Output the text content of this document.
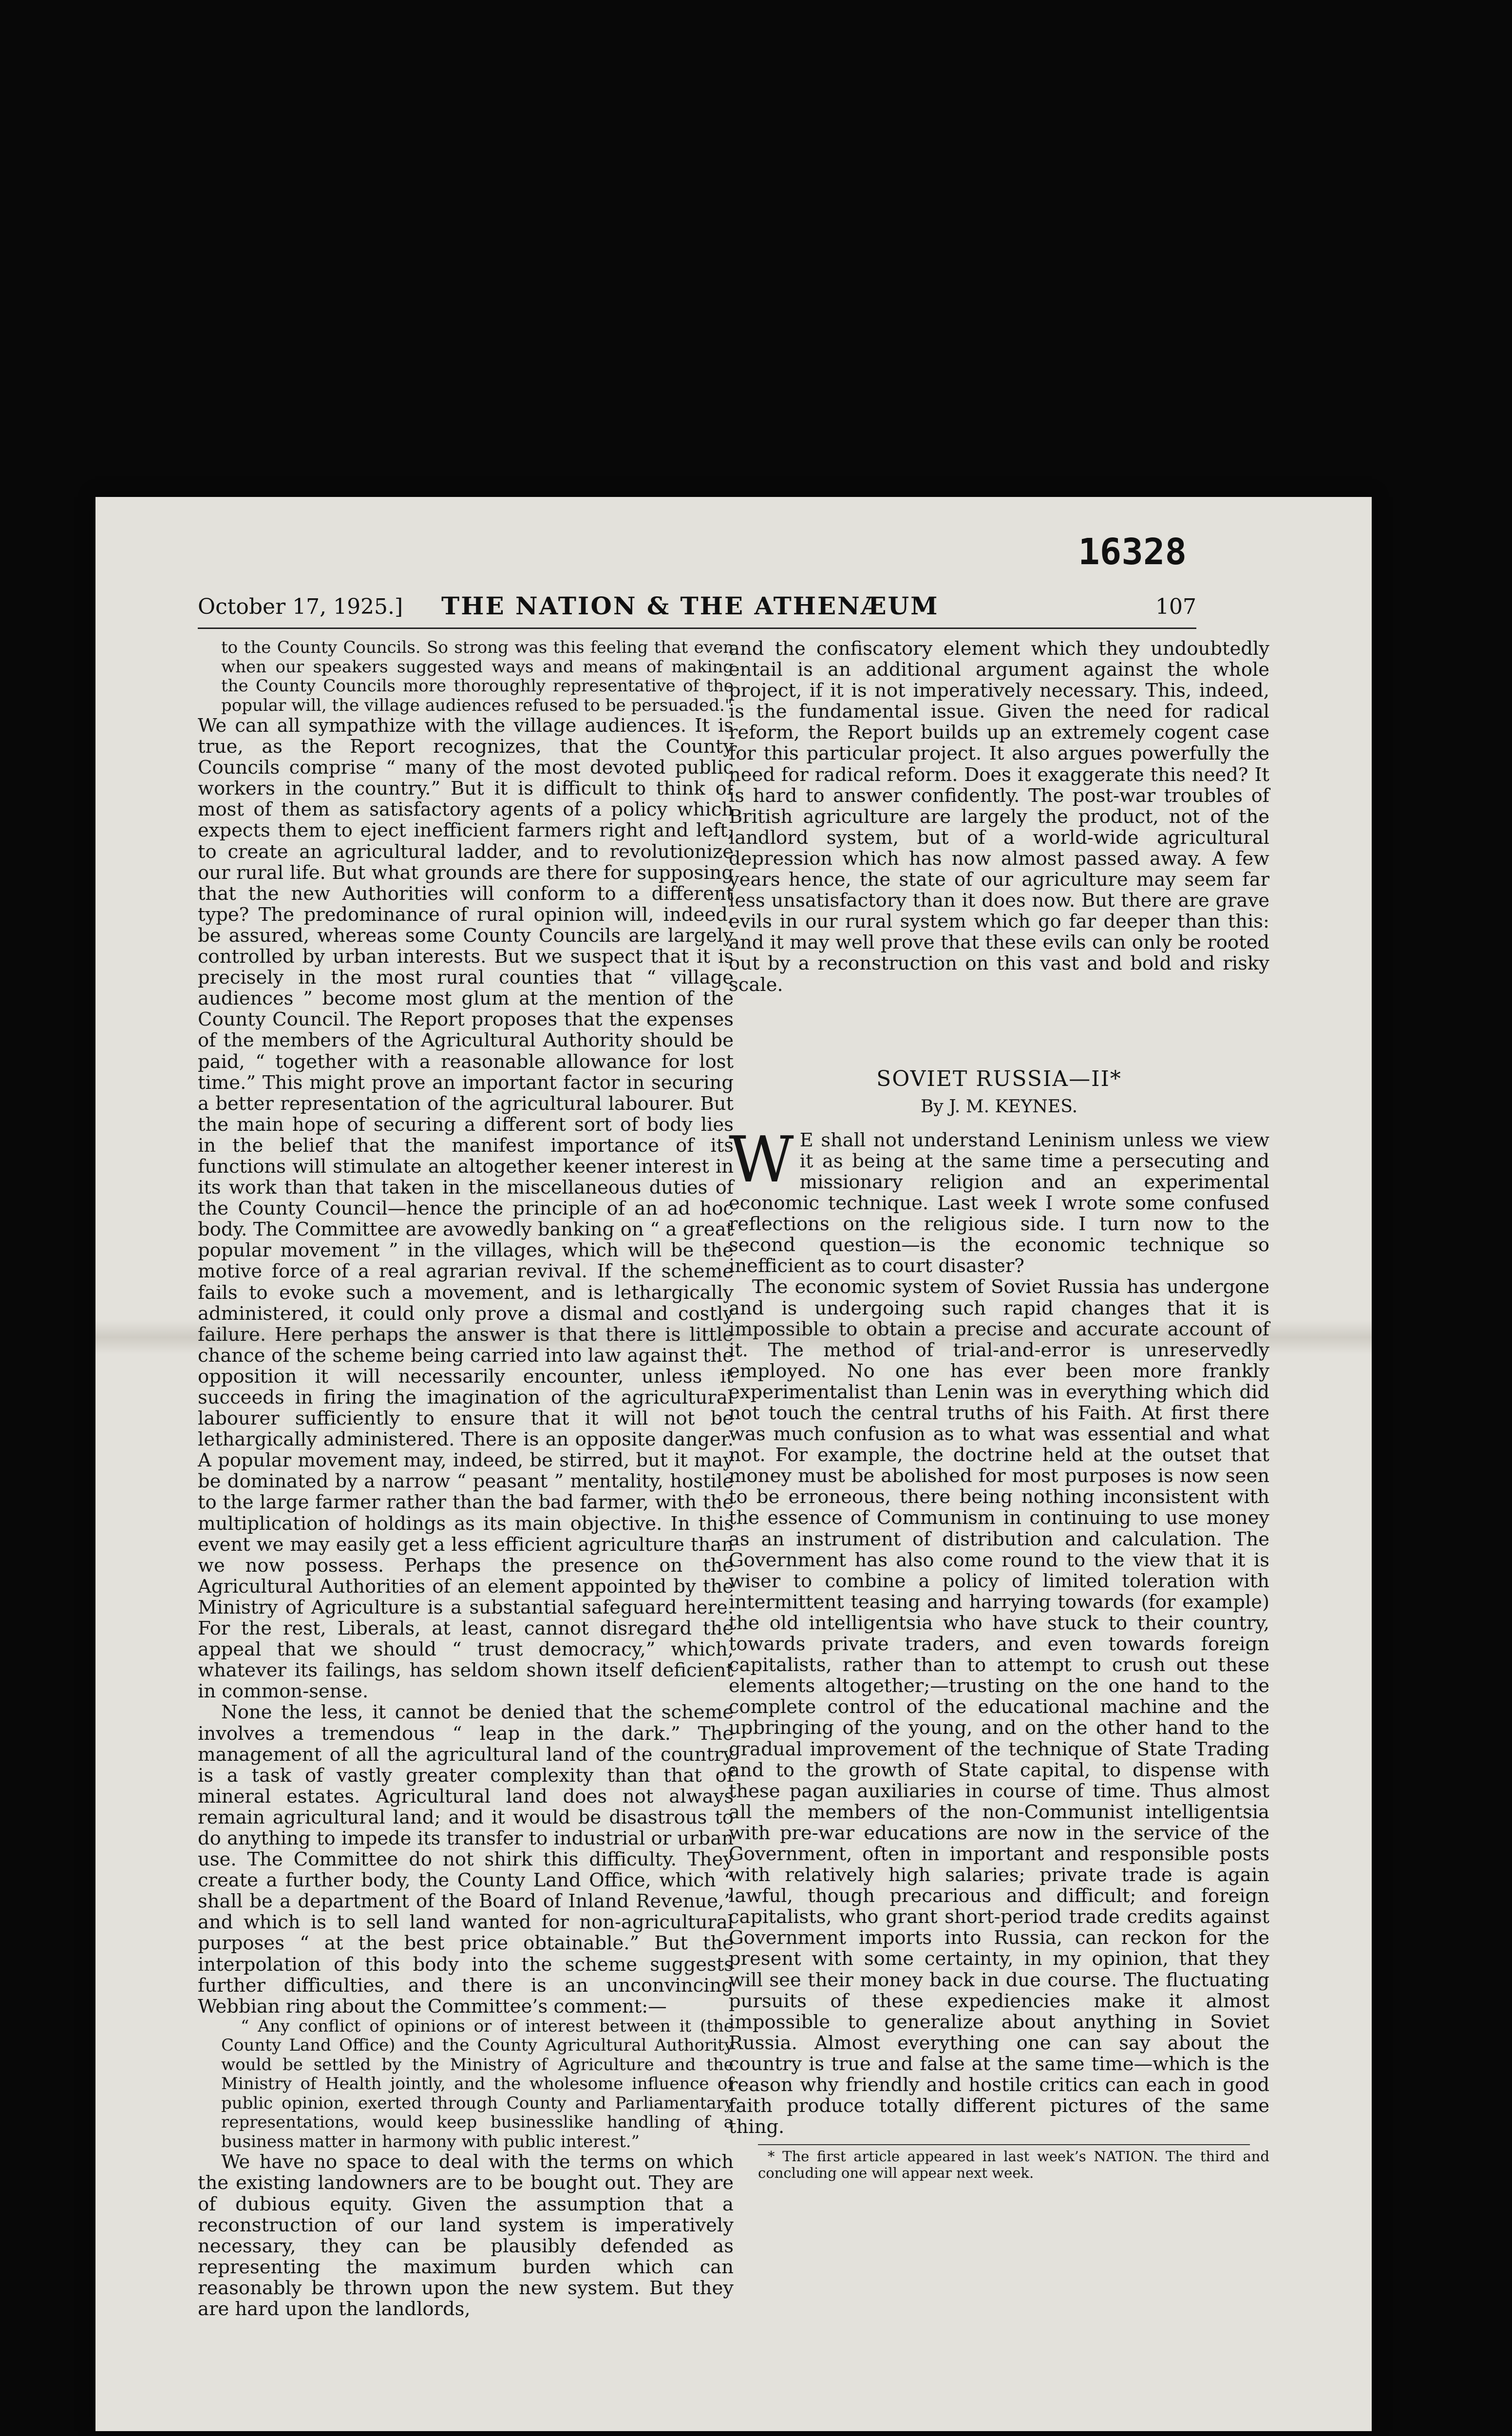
16328
October 17, 1925.] THE NATION & THE ATHENÆUM	107

to the County Councils. So strong was this feeling that even when our speakers suggested ways and means of making the County Councils more thoroughly representative of the popular will, the village audiences refused to be persuaded."

We can all sympathize with the village audiences. It is true, as the Report recognizes, that the County Councils comprise “ many of the most devoted public workers in the country.” But it is difficult to think of most of them as satisfactory agents of a policy which expects them to eject inefficient farmers right and left, to create an agricultural ladder, and to revolutionize our rural life. But what grounds are there for supposing that the new Authorities will conform to a different type? The predominance of rural opinion will, indeed, be assured, whereas some County Councils are largely controlled by urban interests. But we suspect that it is precisely in the most rural counties that “ village audiences ” become most glum at the mention of the County Council. The Report proposes that the expenses of the members of the Agricultural Authority should be paid, “ together with a reasonable allowance for lost time.” This might prove an important factor in securing a better representation of the agricultural labourer. But the main hope of securing a different sort of body lies in the belief that the manifest importance of its functions will stimulate an altogether keener interest in its work than that taken in the miscellaneous duties of the County Council—hence the principle of an ad hoc body. The Committee are avowedly banking on “ a great popular movement ” in the villages, which will be the motive force of a real agrarian revival. If the scheme fails to evoke such a movement, and is lethargically administered, it could only prove a dismal and costly failure. Here perhaps the answer is that there is little chance of the scheme being carried into law against the opposition it will necessarily encounter, unless it succeeds in firing the imagination of the agricultural labourer sufficiently to ensure that it will not be lethargically administered. There is an opposite danger. A popular movement may, indeed, be stirred, but it may be dominated by a narrow “ peasant ” mentality, hostile to the large farmer rather than the bad farmer, with the multiplication of holdings as its main objective. In this event we may easily get a less efficient agriculture than we now possess. Perhaps the presence on the Agricultural Authorities of an element appointed by the Ministry of Agriculture is a substantial safeguard here. For the rest, Liberals, at least, cannot disregard the appeal that we should “ trust democracy,” which, whatever its failings, has seldom shown itself deficient in common-sense.

None the less, it cannot be denied that the scheme involves a tremendous “ leap in the dark.” The management of all the agricultural land of the country is a task of vastly greater complexity than that of mineral estates. Agricultural land does not always remain agricultural land; and it would be disastrous to do anything to impede its transfer to industrial or urban use. The Committee do not shirk this difficulty. They create a further body, the County Land Office, which “ shall be a department of the Board of Inland Revenue,” and which is to sell land wanted for non-agricultural purposes “ at the best price obtainable.” But the interpolation of this body into the scheme suggests further difficulties, and there is an unconvincing Webbian ring about the Committee’s comment:—

“ Any conflict of opinions or of interest between it (the County Land Office) and the County Agricultural Authority would be settled by the Ministry of Agriculture and the Ministry of Health jointly, and the wholesome influence of public opinion, exerted through County and Parliamentary representations, would keep businesslike handling of a business matter in harmony with public interest.”

We have no space to deal with the terms on which the existing landowners are to be bought out. They are of dubious equity. Given the assumption that a reconstruction of our land system is imperatively necessary, they can be plausibly defended as representing the maximum burden which can reasonably be thrown upon the new system. But they are hard upon the landlords,

and the confiscatory element which they undoubtedly entail is an additional argument against the whole project, if it is not imperatively necessary. This, indeed, is the fundamental issue. Given the need for radical reform, the Report builds up an extremely cogent case for this particular project. It also argues powerfully the need for radical reform. Does it exaggerate this need? It is hard to answer confidently. The post-war troubles of British agriculture are largely the product, not of the landlord system, but of a world-wide agricultural depression which has now almost passed away. A few years hence, the state of our agriculture may seem far less unsatisfactory than it does now. But there are grave evils in our rural system which go far deeper than this: and it may well prove that these evils can only be rooted out by a reconstruction on this vast and bold and risky scale.

SOVIET RUSSIA—II*

By J. M. KEYNES.

W E shall not understand Leninism unless we view it as being at the same time a persecuting and missionary religion and an experimental economic technique. Last week I wrote some confused reflections on the religious side. I turn now to the second question—is the economic technique so inefficient as to court disaster?

The economic system of Soviet Russia has undergone and is undergoing such rapid changes that it is impossible to obtain a precise and accurate account of it. The method of trial-and-error is unreservedly employed. No one has ever been more frankly experimentalist than Lenin was in everything which did not touch the central truths of his Faith. At first there was much confusion as to what was essential and what not. For example, the doctrine held at the outset that money must be abolished for most purposes is now seen to be erroneous, there being nothing inconsistent with the essence of Communism in continuing to use money as an instrument of distribution and calculation. The Government has also come round to the view that it is wiser to combine a policy of limited toleration with intermittent teasing and harrying towards (for example) the old intelligentsia who have stuck to their country, towards private traders, and even towards foreign capitalists, rather than to attempt to crush out these elements altogether;—trusting on the one hand to the complete control of the educational machine and the upbringing of the young, and on the other hand to the gradual improvement of the technique of State Trading and to the growth of State capital, to dispense with these pagan auxiliaries in course of time. Thus almost all the members of the non-Communist intelligentsia with pre-war educations are now in the service of the Government, often in important and responsible posts with relatively high salaries; private trade is again lawful, though precarious and difficult; and foreign capitalists, who grant short-period trade credits against Government imports into Russia, can reckon for the present with some certainty, in my opinion, that they will see their money back in due course. The fluctuating pursuits of these expediencies make it almost impossible to generalize about anything in Soviet Russia. Almost everything one can say about the country is true and false at the same time—which is the reason why friendly and hostile critics can each in good faith produce totally different pictures of the same thing.

* The first article appeared in last week’s NATION. The third and concluding one will appear next week.
